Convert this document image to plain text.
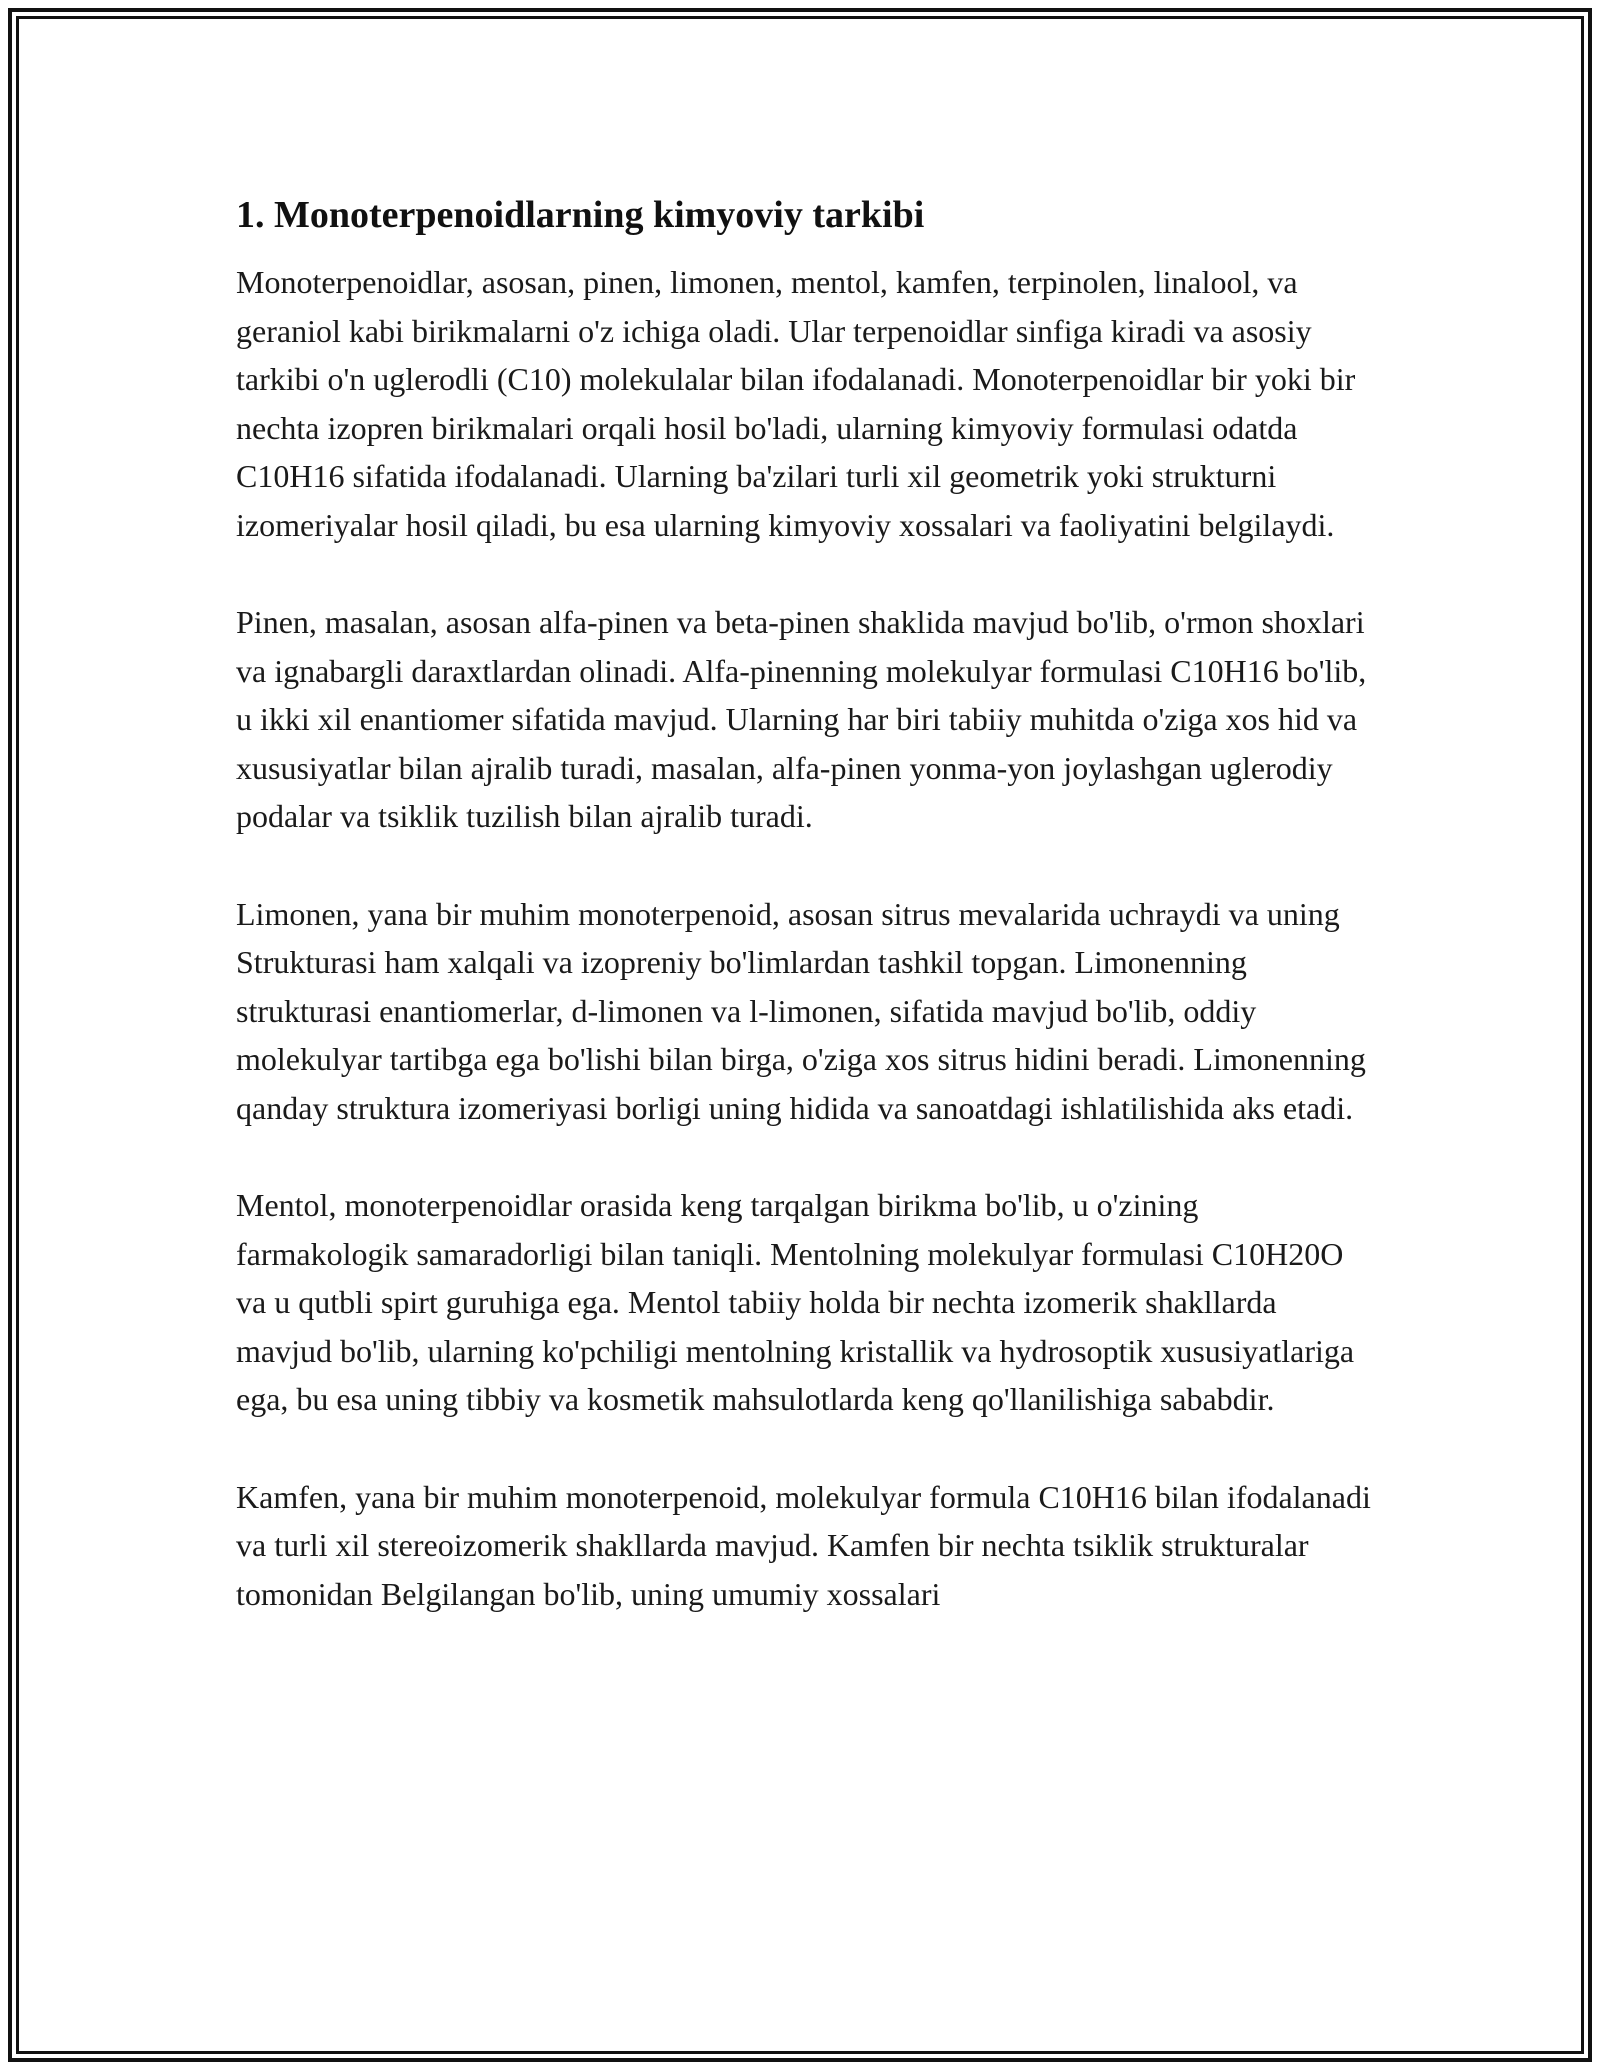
1. Monoterpenoidlarning kimyoviy tarkibi

Monoterpenoidlar, asosan, pinen, limonen, mentol, kamfen, terpinolen, linalool, va geraniol kabi birikmalarni o'z ichiga oladi. Ular terpenoidlar sinfiga kiradi va asosiy tarkibi o'n uglerodli (C10) molekulalar bilan ifodalanadi. Monoterpenoidlar bir yoki bir nechta izopren birikmalari orqali hosil bo'ladi, ularning kimyoviy formulasi odatda C10H16 sifatida ifodalanadi. Ularning ba'zilari turli xil geometrik yoki strukturni izomeriyalar hosil qiladi, bu esa ularning kimyoviy xossalari va faoliyatini belgilaydi.

Pinen, masalan, asosan alfa-pinen va beta-pinen shaklida mavjud bo'lib, o'rmon shoxlari va ignabargli daraxtlardan olinadi. Alfa-pinenning molekulyar formulasi C10H16 bo'lib, u ikki xil enantiomer sifatida mavjud. Ularning har biri tabiiy muhitda o'ziga xos hid va xususiyatlar bilan ajralib turadi, masalan, alfa-pinen yonma-yon joylashgan uglerodiy podalar va tsiklik tuzilish bilan ajralib turadi.

Limonen, yana bir muhim monoterpenoid, asosan sitrus mevalarida uchraydi va uning Strukturasi ham xalqali va izopreniy bo'limlardan tashkil topgan. Limonenning strukturasi enantiomerlar, d-limonen va l-limonen, sifatida mavjud bo'lib, oddiy molekulyar tartibga ega bo'lishi bilan birga, o'ziga xos sitrus hidini beradi. Limonenning qanday struktura izomeriyasi borligi uning hidida va sanoatdagi ishlatilishida aks etadi.

Mentol, monoterpenoidlar orasida keng tarqalgan birikma bo'lib, u o'zining farmakologik samaradorligi bilan taniqli. Mentolning molekulyar formulasi C10H20O va u qutbli spirt guruhiga ega. Mentol tabiiy holda bir nechta izomerik shakllarda mavjud bo'lib, ularning ko'pchiligi mentolning kristallik va hydrosoptik xususiyatlariga ega, bu esa uning tibbiy va kosmetik mahsulotlarda keng qo'llanilishiga sababdir.

Kamfen, yana bir muhim monoterpenoid, molekulyar formula C10H16 bilan ifodalanadi va turli xil stereoizomerik shakllarda mavjud. Kamfen bir nechta tsiklik strukturalar tomonidan Belgilangan bo'lib, uning umumiy xossalari
